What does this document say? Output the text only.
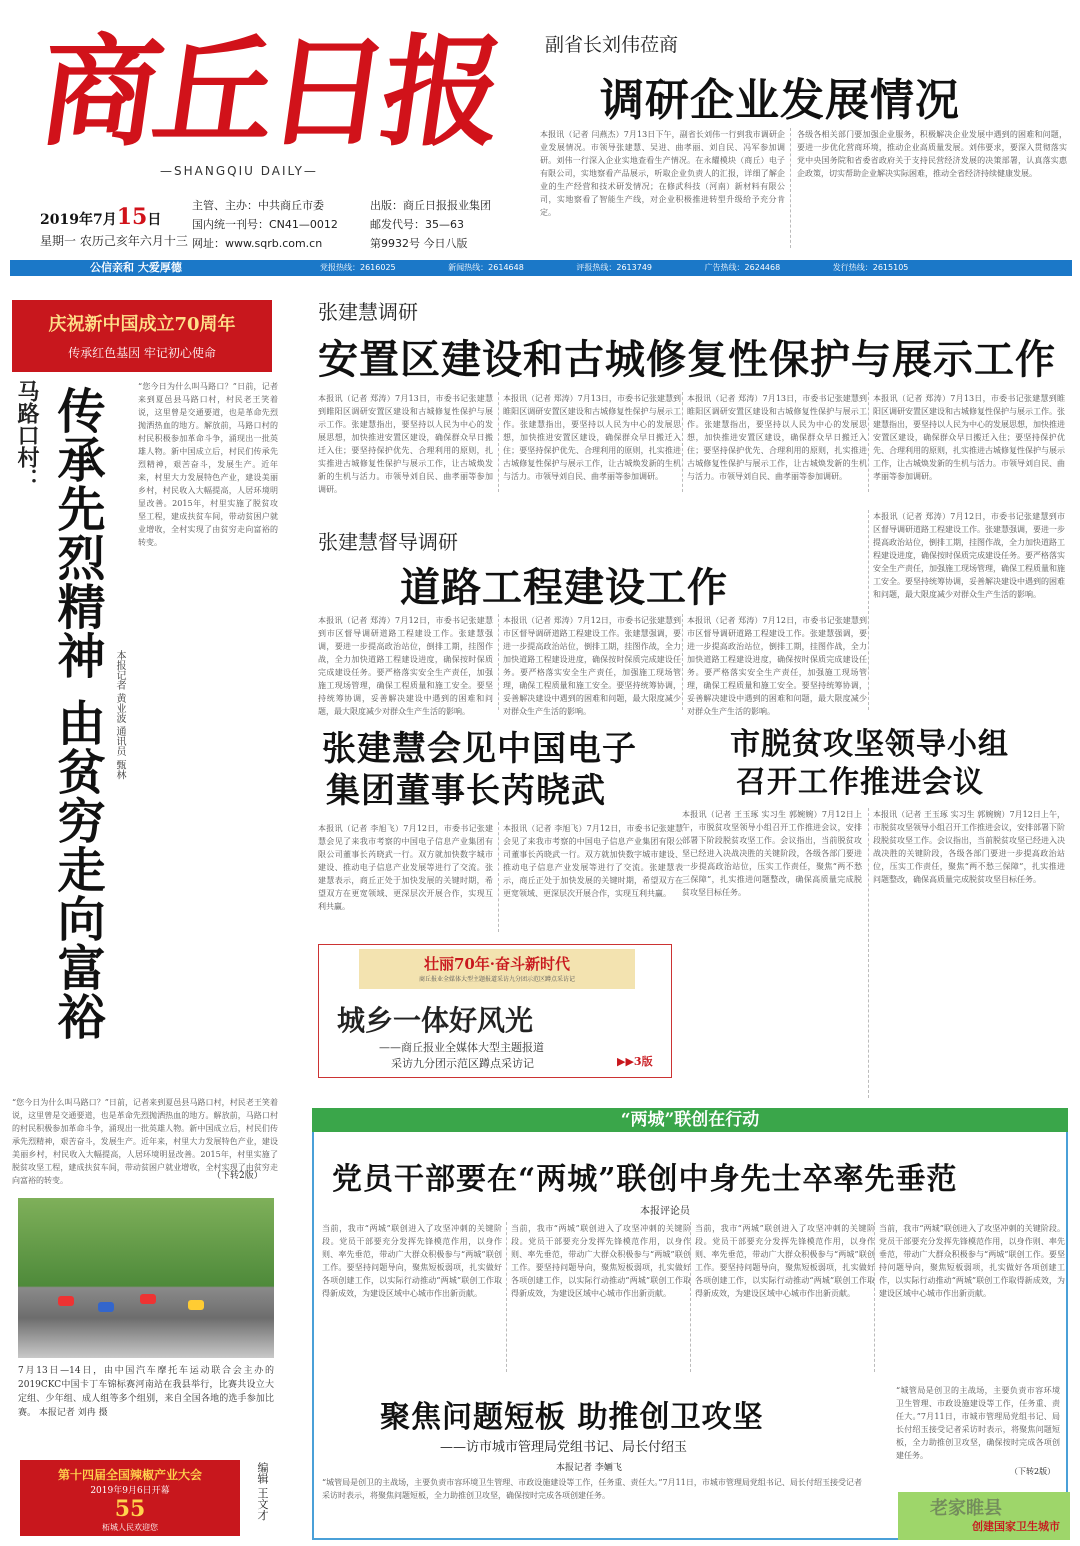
商丘日报
—SHANGQIU DAILY—
2019年7月15日
星期一 农历己亥年六月十三
主管、主办：中共商丘市委
国内统一刊号：CN41—0012
网址：www.sqrb.com.cn
出版：商丘日报报业集团
邮发代号：35—63
第9932号 今日八版
副省长刘伟莅商
调研企业发展情况
本报讯（记者 闫燕杰）7月13日下午，副省长刘伟一行到我市调研企业发展情况。市领导张建慧、吴进、曲孝丽、刘自民、冯军参加调研。刘伟一行深入企业实地查看生产情况。在永耀模块（商丘）电子有限公司，实地察看产品展示，听取企业负责人的汇报，详细了解企业的生产经营和技术研发情况；在修武科技（河南）新材料有限公司，实地察看了智能生产线，对企业积极推进转型升级给予充分肯定。
各级各相关部门要加强企业服务，积极解决企业发展中遇到的困难和问题，要进一步优化营商环境，推动企业高质量发展。刘伟要求，要深入贯彻落实党中央国务院和省委省政府关于支持民营经济发展的决策部署，认真落实惠企政策，切实帮助企业解决实际困难，推动全省经济持续健康发展。
公信亲和 大爱厚德	党报热线：2616025	新闻热线：2614648	评报热线：2613749	广告热线：2624468	发行热线：2615105
庆祝新中国成立70周年
传承红色基因 牢记初心使命
马路口村： 传承先烈精神 由贫穷走向富裕 本报记者 黄业波 通讯员 甄林
“您今日为什么叫马路口？”日前，记者来到夏邑县马路口村，村民老王笑着说，这里曾是交通要道，也是革命先烈抛洒热血的地方。解放前，马路口村的村民积极参加革命斗争，涌现出一批英雄人物。新中国成立后，村民们传承先烈精神，艰苦奋斗，发展生产。近年来，村里大力发展特色产业，建设美丽乡村，村民收入大幅提高，人居环境明显改善。2015年，村里实施了脱贫攻坚工程，建成扶贫车间，带动贫困户就业增收，全村实现了由贫穷走向富裕的转变。
“您今日为什么叫马路口？”日前，记者来到夏邑县马路口村，村民老王笑着说，这里曾是交通要道，也是革命先烈抛洒热血的地方。解放前，马路口村的村民积极参加革命斗争，涌现出一批英雄人物。新中国成立后，村民们传承先烈精神，艰苦奋斗，发展生产。近年来，村里大力发展特色产业，建设美丽乡村，村民收入大幅提高，人居环境明显改善。2015年，村里实施了脱贫攻坚工程，建成扶贫车间，带动贫困户就业增收，全村实现了由贫穷走向富裕的转变。	（下转2版）
7月13日—14日，由中国汽车摩托车运动联合会主办的2019CKC中国卡丁车锦标赛河南站在我县举行，比赛共设立大定组、少年组、成人组等多个组别，来自全国各地的选手参加比赛。 本报记者 刘冉 摄
第十四届全国辣椒产业大会
2019年9月6日开幕
55
柘城人民欢迎您
编辑 王文才
张建慧调研
安置区建设和古城修复性保护与展示工作
本报讯（记者 郑涛）7月13日，市委书记张建慧到睢阳区调研安置区建设和古城修复性保护与展示工作。张建慧指出，要坚持以人民为中心的发展思想，加快推进安置区建设，确保群众早日搬迁入住；要坚持保护优先、合理利用的原则，扎实推进古城修复性保护与展示工作，让古城焕发新的生机与活力。市领导刘自民、曲孝丽等参加调研。
本报讯（记者 郑涛）7月13日，市委书记张建慧到睢阳区调研安置区建设和古城修复性保护与展示工作。张建慧指出，要坚持以人民为中心的发展思想，加快推进安置区建设，确保群众早日搬迁入住；要坚持保护优先、合理利用的原则，扎实推进古城修复性保护与展示工作，让古城焕发新的生机与活力。市领导刘自民、曲孝丽等参加调研。
本报讯（记者 郑涛）7月13日，市委书记张建慧到睢阳区调研安置区建设和古城修复性保护与展示工作。张建慧指出，要坚持以人民为中心的发展思想，加快推进安置区建设，确保群众早日搬迁入住；要坚持保护优先、合理利用的原则，扎实推进古城修复性保护与展示工作，让古城焕发新的生机与活力。市领导刘自民、曲孝丽等参加调研。
本报讯（记者 郑涛）7月13日，市委书记张建慧到睢阳区调研安置区建设和古城修复性保护与展示工作。张建慧指出，要坚持以人民为中心的发展思想，加快推进安置区建设，确保群众早日搬迁入住；要坚持保护优先、合理利用的原则，扎实推进古城修复性保护与展示工作，让古城焕发新的生机与活力。市领导刘自民、曲孝丽等参加调研。
张建慧督导调研
道路工程建设工作
本报讯（记者 郑涛）7月12日，市委书记张建慧到市区督导调研道路工程建设工作。张建慧强调，要进一步提高政治站位，倒排工期，挂图作战，全力加快道路工程建设进度，确保按时保质完成建设任务。要严格落实安全生产责任，加强施工现场管理，确保工程质量和施工安全。要坚持统筹协调，妥善解决建设中遇到的困难和问题，最大限度减少对群众生产生活的影响。
本报讯（记者 郑涛）7月12日，市委书记张建慧到市区督导调研道路工程建设工作。张建慧强调，要进一步提高政治站位，倒排工期，挂图作战，全力加快道路工程建设进度，确保按时保质完成建设任务。要严格落实安全生产责任，加强施工现场管理，确保工程质量和施工安全。要坚持统筹协调，妥善解决建设中遇到的困难和问题，最大限度减少对群众生产生活的影响。
本报讯（记者 郑涛）7月12日，市委书记张建慧到市区督导调研道路工程建设工作。张建慧强调，要进一步提高政治站位，倒排工期，挂图作战，全力加快道路工程建设进度，确保按时保质完成建设任务。要严格落实安全生产责任，加强施工现场管理，确保工程质量和施工安全。要坚持统筹协调，妥善解决建设中遇到的困难和问题，最大限度减少对群众生产生活的影响。
本报讯（记者 郑涛）7月12日，市委书记张建慧到市区督导调研道路工程建设工作。张建慧强调，要进一步提高政治站位，倒排工期，挂图作战，全力加快道路工程建设进度，确保按时保质完成建设任务。要严格落实安全生产责任，加强施工现场管理，确保工程质量和施工安全。要坚持统筹协调，妥善解决建设中遇到的困难和问题，最大限度减少对群众生产生活的影响。
张建慧会见中国电子
集团董事长芮晓武
本报讯（记者 李旭飞）7月12日，市委书记张建慧会见了来我市考察的中国电子信息产业集团有限公司董事长芮晓武一行。双方就加快数字城市建设、推动电子信息产业发展等进行了交流。张建慧表示，商丘正处于加快发展的关键时期，希望双方在更宽领域、更深层次开展合作，实现互利共赢。
本报讯（记者 李旭飞）7月12日，市委书记张建慧会见了来我市考察的中国电子信息产业集团有限公司董事长芮晓武一行。双方就加快数字城市建设、推动电子信息产业发展等进行了交流。张建慧表示，商丘正处于加快发展的关键时期，希望双方在更宽领域、更深层次开展合作，实现互利共赢。
市脱贫攻坚领导小组
召开工作推进会议
本报讯（记者 王玉琢 实习生 郭婉婉）7月12日上午，市脱贫攻坚领导小组召开工作推进会议，安排部署下阶段脱贫攻坚工作。会议指出，当前脱贫攻坚已经进入决战决胜的关键阶段，各级各部门要进一步提高政治站位，压实工作责任，聚焦“两不愁三保障”，扎实推进问题整改，确保高质量完成脱贫攻坚目标任务。
本报讯（记者 王玉琢 实习生 郭婉婉）7月12日上午，市脱贫攻坚领导小组召开工作推进会议，安排部署下阶段脱贫攻坚工作。会议指出，当前脱贫攻坚已经进入决战决胜的关键阶段，各级各部门要进一步提高政治站位，压实工作责任，聚焦“两不愁三保障”，扎实推进问题整改，确保高质量完成脱贫攻坚目标任务。
壮丽70年·奋斗新时代
商丘报业全媒体大型主题报道采访九分团示范区蹲点采访记
城乡一体好风光
——商丘报业全媒体大型主题报道
采访九分团示范区蹲点采访记	▶▶3版
“两城”联创在行动
党员干部要在“两城”联创中身先士卒率先垂范
本报评论员
当前，我市“两城”联创进入了攻坚冲刺的关键阶段。党员干部要充分发挥先锋模范作用，以身作则、率先垂范，带动广大群众积极参与“两城”联创工作。要坚持问题导向，聚焦短板弱项，扎实做好各项创建工作，以实际行动推动“两城”联创工作取得新成效，为建设区域中心城市作出新贡献。
当前，我市“两城”联创进入了攻坚冲刺的关键阶段。党员干部要充分发挥先锋模范作用，以身作则、率先垂范，带动广大群众积极参与“两城”联创工作。要坚持问题导向，聚焦短板弱项，扎实做好各项创建工作，以实际行动推动“两城”联创工作取得新成效，为建设区域中心城市作出新贡献。
当前，我市“两城”联创进入了攻坚冲刺的关键阶段。党员干部要充分发挥先锋模范作用，以身作则、率先垂范，带动广大群众积极参与“两城”联创工作。要坚持问题导向，聚焦短板弱项，扎实做好各项创建工作，以实际行动推动“两城”联创工作取得新成效，为建设区域中心城市作出新贡献。
当前，我市“两城”联创进入了攻坚冲刺的关键阶段。党员干部要充分发挥先锋模范作用，以身作则、率先垂范，带动广大群众积极参与“两城”联创工作。要坚持问题导向，聚焦短板弱项，扎实做好各项创建工作，以实际行动推动“两城”联创工作取得新成效，为建设区域中心城市作出新贡献。
聚焦问题短板 助推创卫攻坚
——访市城市管理局党组书记、局长付绍玉
本报记者 李婳飞
“城管局是创卫的主战场，主要负责市容环境卫生管理、市政设施建设等工作，任务重、责任大。”7月11日，市城市管理局党组书记、局长付绍玉接受记者采访时表示，将聚焦问题短板，全力助推创卫攻坚，确保按时完成各项创建任务。
“城管局是创卫的主战场，主要负责市容环境卫生管理、市政设施建设等工作，任务重、责任大。”7月11日，市城市管理局党组书记、局长付绍玉接受记者采访时表示，将聚焦问题短板，全力助推创卫攻坚，确保按时完成各项创建任务。
（下转2版）
创建国家卫生城市
老家睢县
